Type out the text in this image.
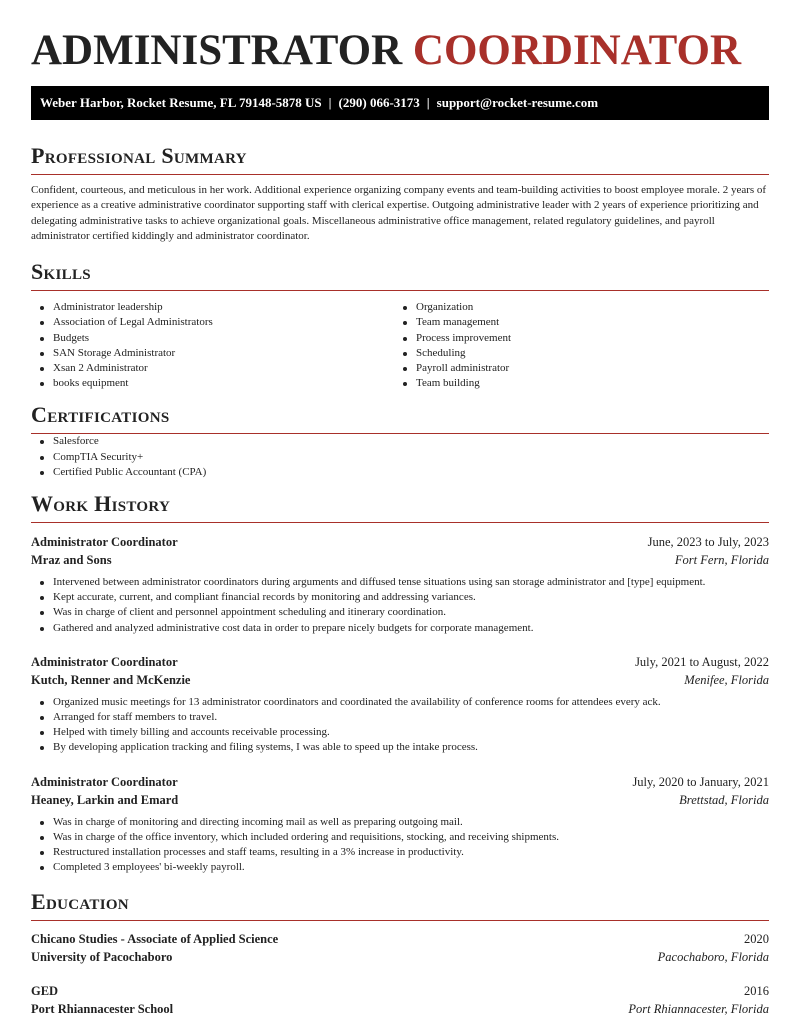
ADMINISTRATOR COORDINATOR
Weber Harbor, Rocket Resume, FL 79148-5878 US | (290) 066-3173 | support@rocket-resume.com
Professional Summary

Confident, courteous, and meticulous in her work. Additional experience organizing company events and team-building activities to boost employee morale. 2 years of experience as a creative administrative coordinator supporting staff with clerical expertise. Outgoing administrative leader with 2 years of experience prioritizing and delegating administrative tasks to achieve organizational goals. Miscellaneous administrative office management, related regulatory guidelines, and payroll administrator certified kiddingly and administrator coordinator.

Skills
Administrator leadership
Association of Legal Administrators
Budgets
SAN Storage Administrator
Xsan 2 Administrator
books equipment
Organization
Team management
Process improvement
Scheduling
Payroll administrator
Team building
Certifications
Salesforce
CompTIA Security+
Certified Public Accountant (CPA)
Work History
Administrator Coordinator	June, 2023 to July, 2023
Mraz and Sons	Fort Fern, Florida
Intervened between administrator coordinators during arguments and diffused tense situations using san storage administrator and [type] equipment.
Kept accurate, current, and compliant financial records by monitoring and addressing variances.
Was in charge of client and personnel appointment scheduling and itinerary coordination.
Gathered and analyzed administrative cost data in order to prepare nicely budgets for corporate management.
Administrator Coordinator	July, 2021 to August, 2022
Kutch, Renner and McKenzie	Menifee, Florida
Organized music meetings for 13 administrator coordinators and coordinated the availability of conference rooms for attendees every ack.
Arranged for staff members to travel.
Helped with timely billing and accounts receivable processing.
By developing application tracking and filing systems, I was able to speed up the intake process.
Administrator Coordinator	July, 2020 to January, 2021
Heaney, Larkin and Emard	Brettstad, Florida
Was in charge of monitoring and directing incoming mail as well as preparing outgoing mail.
Was in charge of the office inventory, which included ordering and requisitions, stocking, and receiving shipments.
Restructured installation processes and staff teams, resulting in a 3% increase in productivity.
Completed 3 employees' bi-weekly payroll.
Education
Chicano Studies - Associate of Applied Science	2020
University of Pacochaboro	Pacochaboro, Florida
GED	2016
Port Rhiannacester School	Port Rhiannacester, Florida
